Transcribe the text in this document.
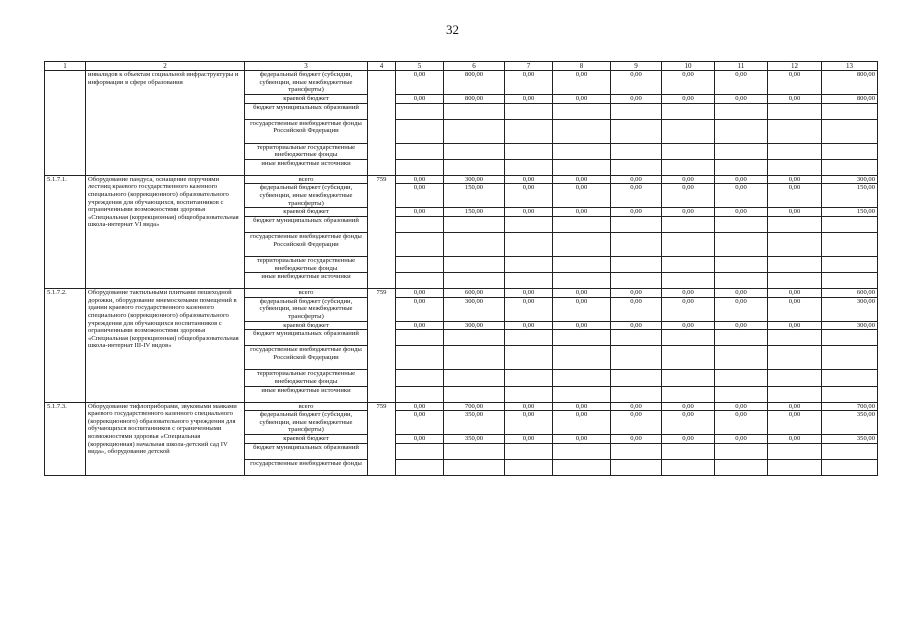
32
1	2	3	4	5	6	7	8	9	10	11	12	13
	инвалидов к объектам социальной инфраструктуры и информации в сфере образования	федеральный бюджет (субсидии, субвенции, иные межбюджетные трансферты)		0,00	800,00	0,00	0,00	0,00	0,00	0,00	0,00	800,00
		краевой бюджет		0,00	800,00	0,00	0,00	0,00	0,00	0,00	0,00	800,00
		бюджет муниципальных образований										
		государственные внебюджетные фонды Российской Федерации										
		территориальные государственные внебюджетные фонды										
		иные внебюджетные источники										
5.1.7.1.	Оборудование пандуса, оснащение поручнями лестниц краевого государственного казенного специального (коррекционного) образовательного учреждения для обучающихся, воспитанников с ограниченными возможностями здоровья «Специальная (коррекционная) общеобразовательная школа-интернат VI вида»	всего	759	0,00	300,00	0,00	0,00	0,00	0,00	0,00	0,00	300,00
		федеральный бюджет (субсидии, субвенции, иные межбюджетные трансферты)		0,00	150,00	0,00	0,00	0,00	0,00	0,00	0,00	150,00
		краевой бюджет		0,00	150,00	0,00	0,00	0,00	0,00	0,00	0,00	150,00
		бюджет муниципальных образований										
		государственные внебюджетные фонды Российской Федерации										
		территориальные государственные внебюджетные фонды										
		иные внебюджетные источники										
5.1.7.2.	Оборудование тактильными плитками пешеходной дорожки, оборудование мнемосхемами помещений в здании краевого государственного казенного специального (коррекционного) образовательного учреждения для обучающихся воспитанников с ограниченными возможностями здоровья «Специальная (коррекционная) общеобразовательная школа-интернат III-IV видов»	всего	759	0,00	600,00	0,00	0,00	0,00	0,00	0,00	0,00	600,00
		федеральный бюджет (субсидии, субвенции, иные межбюджетные трансферты)		0,00	300,00	0,00	0,00	0,00	0,00	0,00	0,00	300,00
		краевой бюджет		0,00	300,00	0,00	0,00	0,00	0,00	0,00	0,00	300,00
		бюджет муниципальных образований										
		государственные внебюджетные фонды Российской Федерации										
		территориальные государственные внебюджетные фонды										
		иные внебюджетные источники										
5.1.7.3.	Оборудование тифлоприборами, звуковыми маяками краевого государственного казенного специального (коррекционного) образовательного учреждения для обучающихся воспитанников с ограниченными возможностями здоровья «Специальная (коррекционная) начальная школа-детский сад IV вида», оборудование детской	всего	759	0,00	700,00	0,00	0,00	0,00	0,00	0,00	0,00	700,00
		федеральный бюджет (субсидии, субвенции, иные межбюджетные трансферты)		0,00	350,00	0,00	0,00	0,00	0,00	0,00	0,00	350,00
		краевой бюджет		0,00	350,00	0,00	0,00	0,00	0,00	0,00	0,00	350,00
		бюджет муниципальных образований										
		государственные внебюджетные фонды										
